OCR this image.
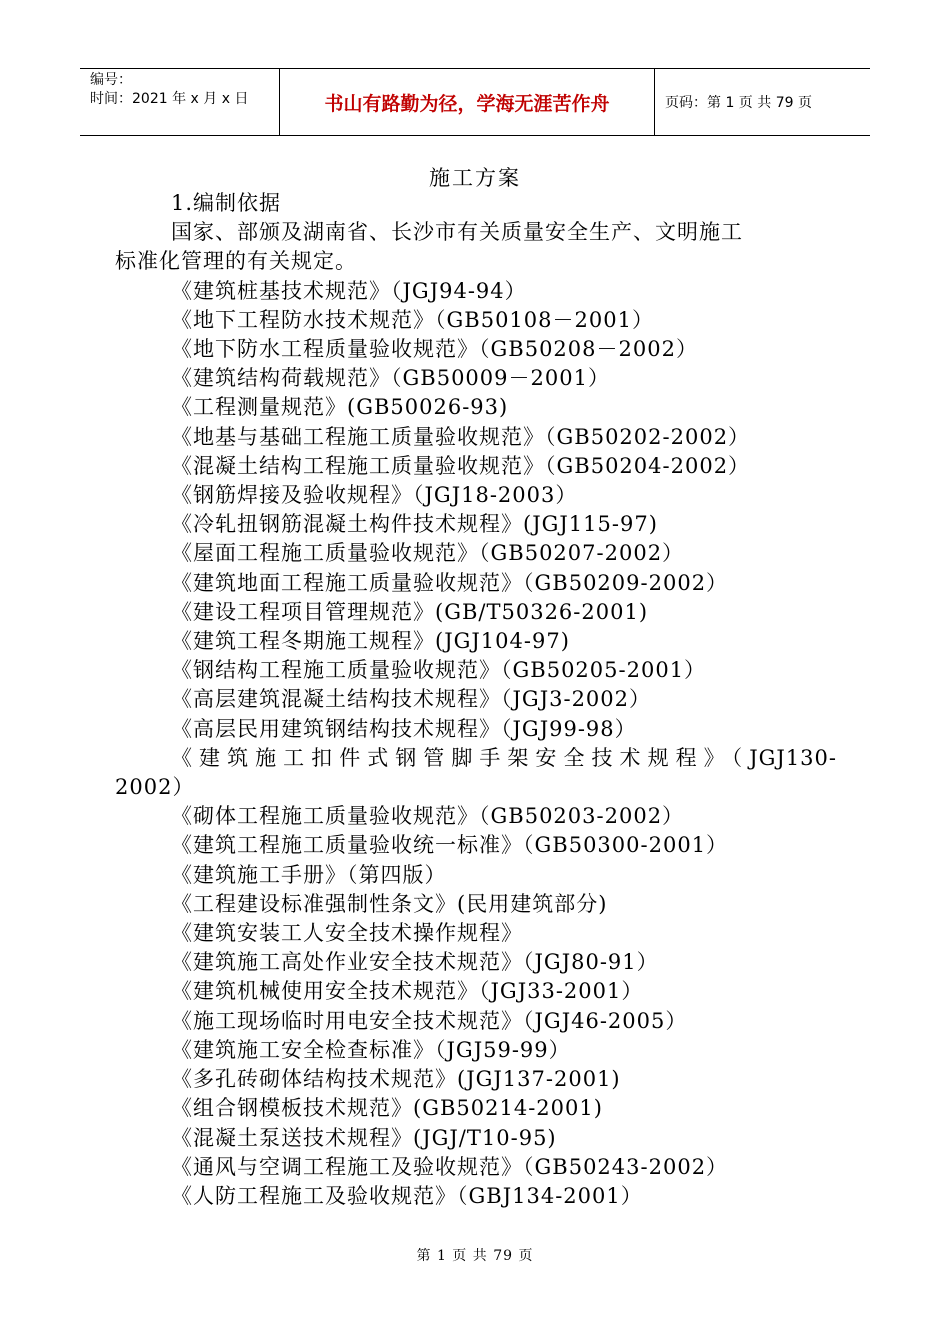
编号：
时间：2021 年 x 月 x 日	书山有路勤为径，学海无涯苦作舟	页码：第 1 页 共 79 页
施工方案
1.编制依据
国家、部颁及湖南省、长沙市有关质量安全生产、文明施工
标准化管理的有关规定。
《建筑桩基技术规范》（JGJ94-94）
《地下工程防水技术规范》（GB50108－2001）
《地下防水工程质量验收规范》（GB50208－2002）
《建筑结构荷载规范》（GB50009－2001）
《工程测量规范》(GB50026-93)
《地基与基础工程施工质量验收规范》（GB50202-2002）
《混凝土结构工程施工质量验收规范》（GB50204-2002）
《钢筋焊接及验收规程》（JGJ18-2003）
《冷轧扭钢筋混凝土构件技术规程》(JGJ115-97)
《屋面工程施工质量验收规范》（GB50207-2002）
《建筑地面工程施工质量验收规范》（GB50209-2002）
《建设工程项目管理规范》(GB/T50326-2001)
《建筑工程冬期施工规程》(JGJ104-97)
《钢结构工程施工质量验收规范》（GB50205-2001）
《高层建筑混凝土结构技术规程》（JGJ3-2002）
《高层民用建筑钢结构技术规程》（JGJ99-98）
《建筑施工扣件式钢管脚手架安全技术规程》（JGJ130-
2002）
《砌体工程施工质量验收规范》（GB50203-2002）
《建筑工程施工质量验收统一标准》（GB50300-2001）
《建筑施工手册》（第四版）
《工程建设标准强制性条文》(民用建筑部分)
《建筑安装工人安全技术操作规程》
《建筑施工高处作业安全技术规范》（JGJ80-91）
《建筑机械使用安全技术规范》（JGJ33-2001）
《施工现场临时用电安全技术规范》（JGJ46-2005）
《建筑施工安全检查标准》（JGJ59-99）
《多孔砖砌体结构技术规范》(JGJ137-2001)
《组合钢模板技术规范》(GB50214-2001)
《混凝土泵送技术规程》(JGJ/T10-95)
《通风与空调工程施工及验收规范》（GB50243-2002）
《人防工程施工及验收规范》（GBJ134-2001）
第 1 页 共 79 页
